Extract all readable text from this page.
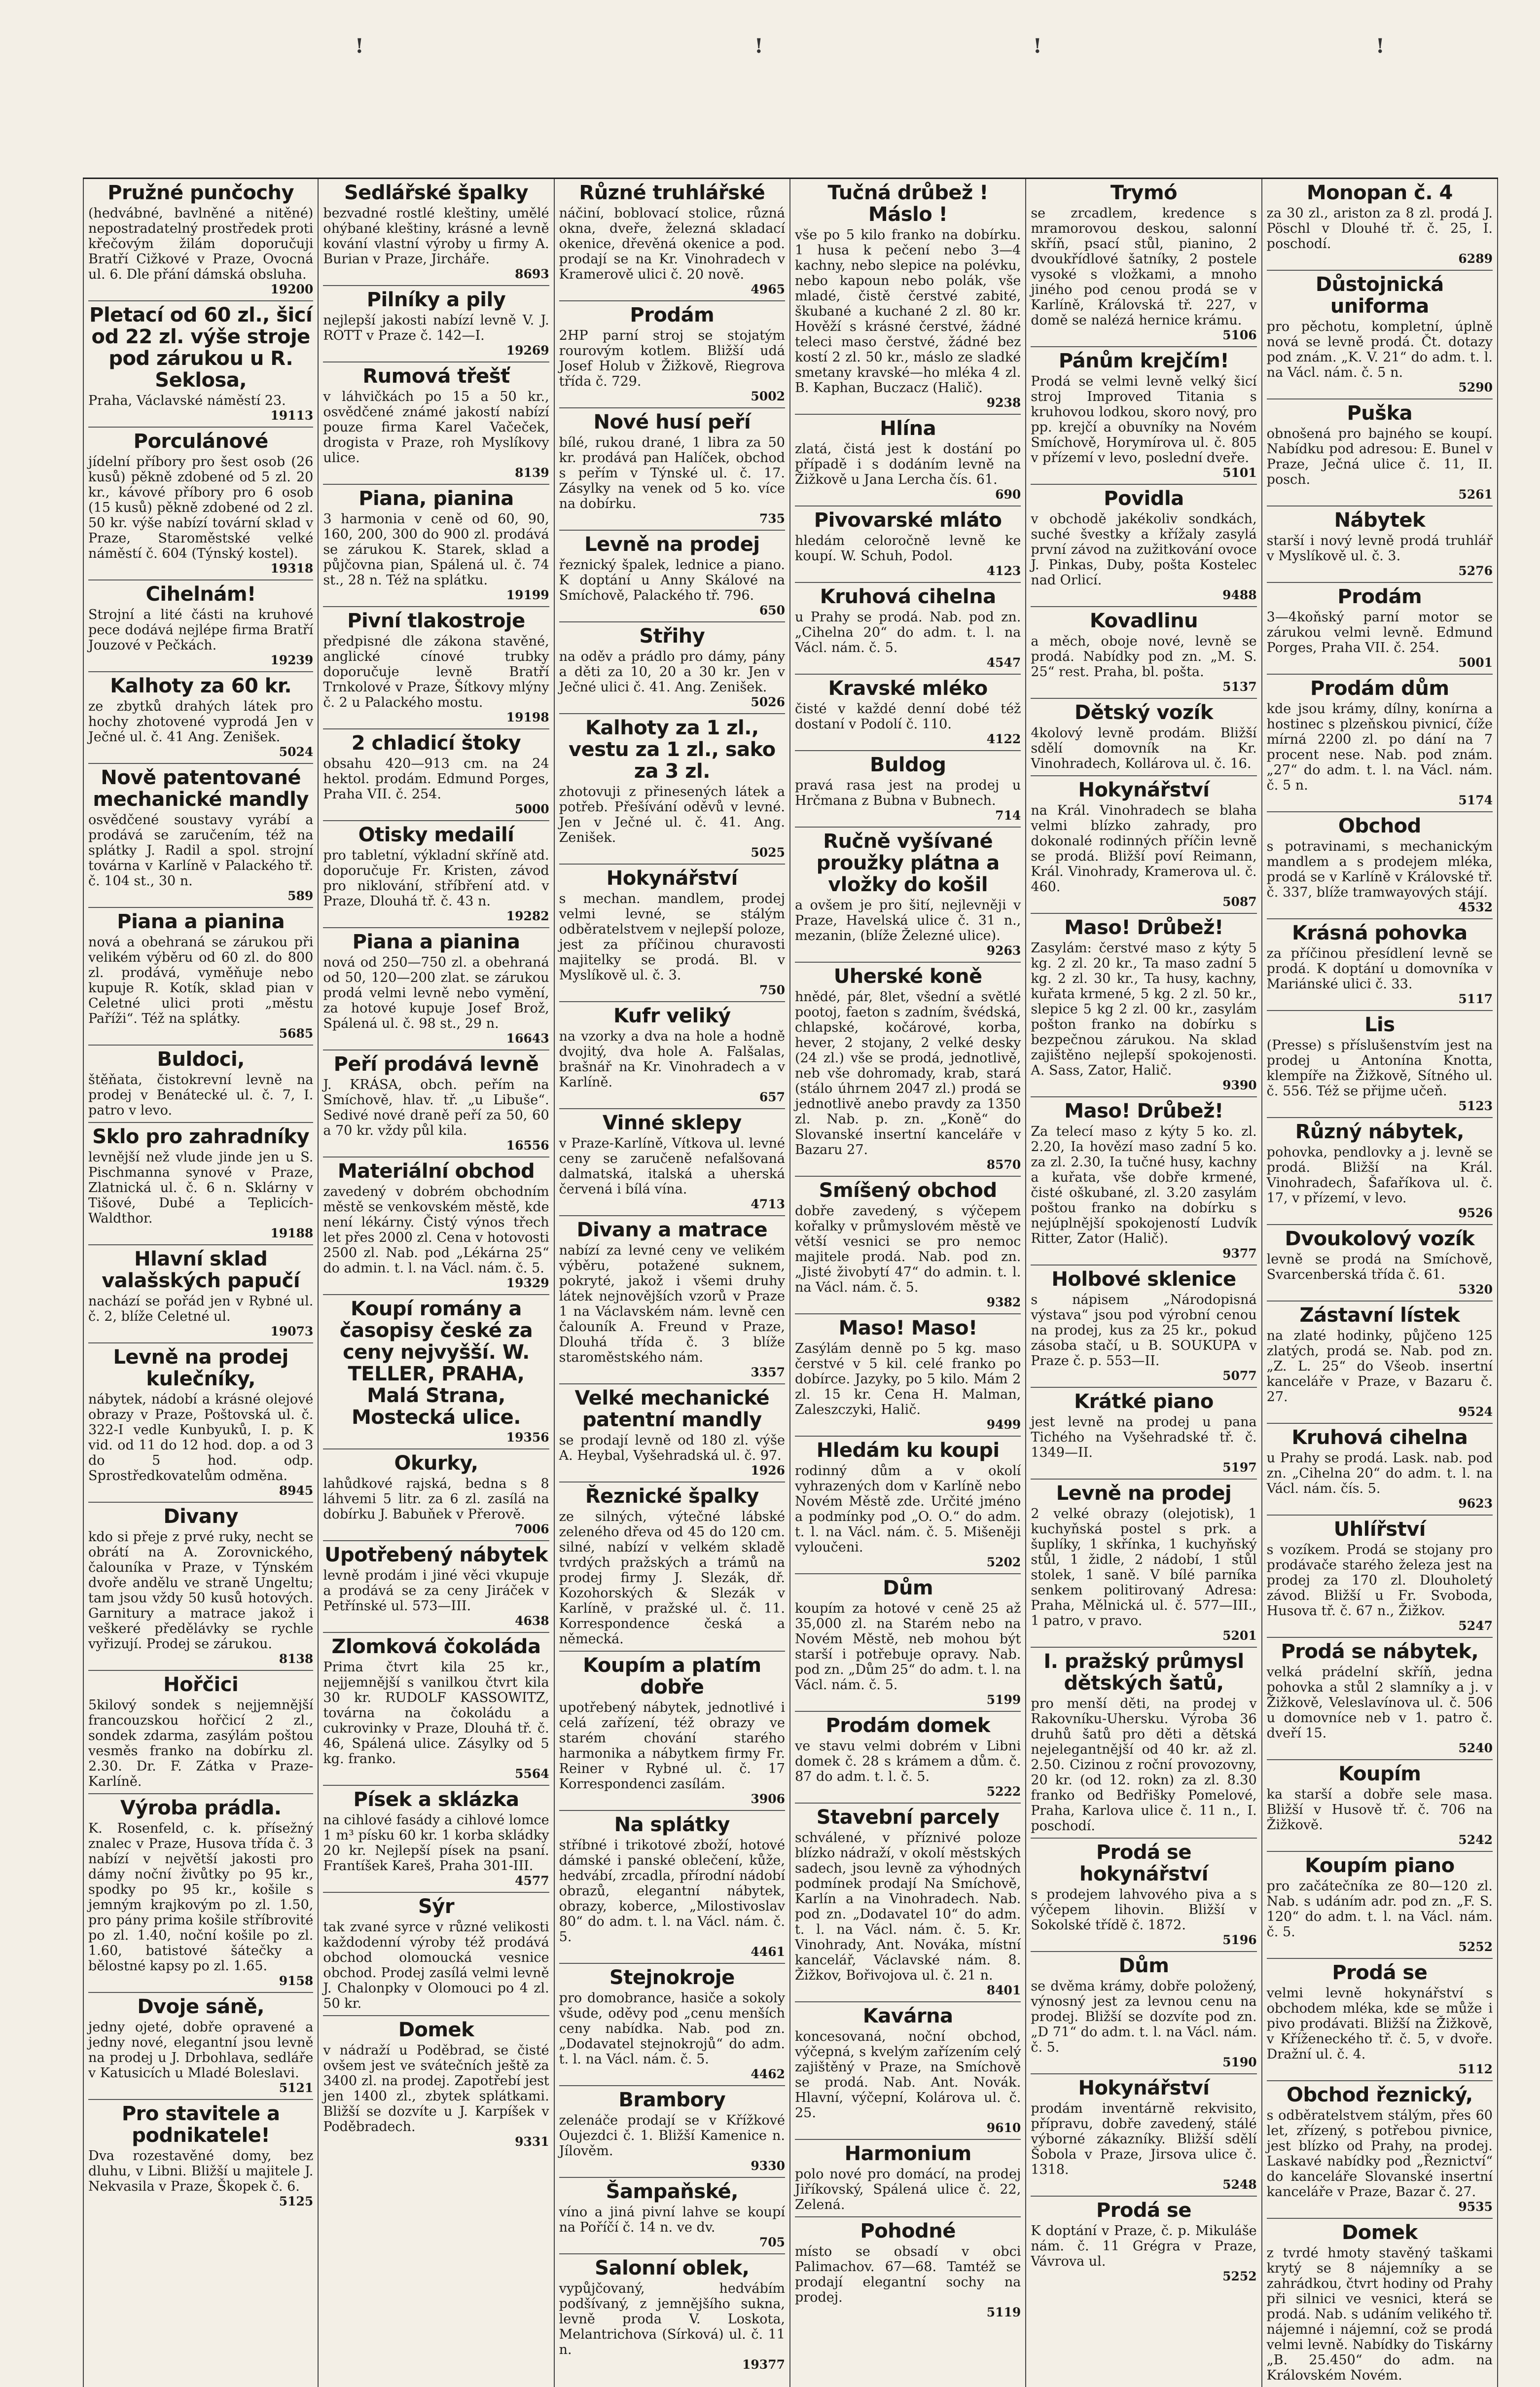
!	!	!	!

Pružné punčochy

(hedvábné, bavlněné a nitěné) nepostradatelný prostředek proti křečovým žilám doporučuji Bratří Cižkové v Praze, Ovocná ul. 6. Dle přání dámská obsluha.

19200

Pletací od 60 zl., šicí od 22 zl. výše stroje pod zárukou u R. Seklosa,

Praha, Václavské náměstí 23.

19113

Porculánové

jídelní příbory pro šest osob (26 kusů) pěkně zdobené od 5 zl. 20 kr., kávové příbory pro 6 osob (15 kusů) pěkně zdobené od 2 zl. 50 kr. výše nabízí tovární sklad v Praze, Staroměstské velké náměstí č. 604 (Týnský kostel).

19318

Cihelnám!

Strojní a lité části na kruhové pece dodává nejlépe firma Bratří Jouzové v Pečkách.

19239

Kalhoty za 60 kr.

ze zbytků drahých látek pro hochy zhotovené vyprodá Jen v Ječné ul. č. 41 Ang. Zenišek.

5024

Nově patentované mechanické mandly

osvědčené soustavy vyrábí a prodává se zaručením, též na splátky J. Radil a spol. strojní továrna v Karlíně v Palackého tř. č. 104 st., 30 n.

589

Piana a pianina

nová a obehraná se zárukou při velikém výběru od 60 zl. do 800 zl. prodává, vyměňuje nebo kupuje R. Kotík, sklad pian v Celetné ulici proti „městu Paříži“. Též na splátky.

5685

Buldoci,

štěňata, čistokrevní levně na prodej v Benátecké ul. č. 7, I. patro v levo.

Sklo pro zahradníky

levnější než vlude jinde jen u S. Pischmanna synové v Praze, Zlatnická ul. č. 6 n. Sklárny v Tišové, Dubé a Teplicích-Waldthor.

19188

Hlavní sklad valašských papučí

nachází se pořád jen v Rybné ul. č. 2, blíže Celetné ul.

19073

Levně na prodej kulečníky,

nábytek, nádobí a krásné olejové obrazy v Praze, Poštovská ul. č. 322-I vedle Kunbyuků, I. p. K vid. od 11 do 12 hod. dop. a od 3 do 5 hod. odp. Sprostředkovatelům odměna.

8945

Divany

kdo si přeje z prvé ruky, necht se obrátí na A. Zorovnického, čalouníka v Praze, v Týnském dvoře andělu ve straně Ungeltu; tam jsou vždy 50 kusů hotových. Garnitury a matrace jakož i veškeré předělávky se rychle vyřizují. Prodej se zárukou.

8138

Hořčici

5kilový sondek s nejjemnější francouzskou hořčicí 2 zl., sondek zdarma, zasýlám poštou vesměs franko na dobírku zl. 2.30. Dr. F. Zátka v Praze-Karlíně.

Výroba prádla.

K. Rosenfeld, c. k. přísežný znalec v Praze, Husova třída č. 3 nabízí v největší jakosti pro dámy noční živůtky po 95 kr., spodky po 95 kr., košile s jemným krajkovým po zl. 1.50, pro pány prima košile stříbrovité po zl. 1.40, noční košile po zl. 1.60, batistové šátečky a bělostné kapsy po zl. 1.65.

9158

Dvoje sáně,

jedny ojeté, dobře opravené a jedny nové, elegantní jsou levně na prodej u J. Drbohlava, sedláře v Katusicích u Mladé Boleslavi.

5121

Pro stavitele a podnikatele!

Dva rozestavěné domy, bez dluhu, v Libni. Bližší u majitele J. Nekvasila v Praze, Škopek č. 6.

5125

Sedlářské špalky

bezvadné rostlé kleštiny, umělé ohýbané kleštiny, krásné a levně kování vlastní výroby u firmy A. Burian v Praze, Jircháře.

8693

Pilníky a pily

nejlepší jakosti nabízí levně V. J. ROTT v Praze č. 142—I.

19269

Rumová třešť

v láhvičkách po 15 a 50 kr., osvědčené známé jakostí nabízí pouze firma Karel Vačeček, drogista v Praze, roh Myslíkovy ulice.

8139

Piana, pianina

3 harmonia v ceně od 60, 90, 160, 200, 300 do 900 zl. prodává se zárukou K. Starek, sklad a půjčovna pian, Spálená ul. č. 74 st., 28 n. Též na splátku.

19199

Pivní tlakostroje

předpisné dle zákona stavěné, anglické cínové trubky doporučuje levně Bratří Trnkolové v Praze, Šítkovy mlýny č. 2 u Palackého mostu.

19198

2 chladicí štoky

obsahu 420—913 cm. na 24 hektol. prodám. Edmund Porges, Praha VII. č. 254.

5000

Otisky medailí

pro tabletní, výkladní skříně atd. doporučuje Fr. Kristen, závod pro niklování, stříbření atd. v Praze, Dlouhá tř. č. 43 n.

19282

Piana a pianina

nová od 250—750 zl. a obehraná od 50, 120—200 zlat. se zárukou prodá velmi levně nebo vymění, za hotové kupuje Josef Brož, Spálená ul. č. 98 st., 29 n.

16643

Peří prodává levně

J. KRÁSA, obch. peřím na Smíchově, hlav. tř. „u Libuše“. Sedivé nové draně peří za 50, 60 a 70 kr. vždy půl kila.

16556

Materiální obchod

zavedený v dobrém obchodním městě se venkovském městě, kde není lékárny. Čistý výnos třech let přes 2000 zl. Cena v hotovosti 2500 zl. Nab. pod „Lékárna 25“ do admin. t. l. na Václ. nám. č. 5.

19329

Koupí romány a časopisy české za ceny nejvyšší. W. TELLER, PRAHA, Malá Strana, Mostecká ulice.

19356

Okurky,

lahůdkové rajská, bedna s 8 láhvemi 5 litr. za 6 zl. zasílá na dobírku J. Babuňek v Přerově.

7006

Upotřebený nábytek

levně prodám i jiné věci vkupuje a prodává se za ceny Jiráček v Petřínské ul. 573—III.

4638

Zlomková čokoláda

Prima čtvrt kila 25 kr., nejjemnější s vanilkou čtvrt kila 30 kr. RUDOLF KASSOWITZ, továrna na čokoládu a cukrovinky v Praze, Dlouhá tř. č. 46, Spálená ulice. Zásylky od 5 kg. franko.

5564

Písek a sklázka

na cihlové fasády a cihlové lomce 1 m³ písku 60 kr. 1 korba skládky 20 kr. Nejlepší písek na psaní. Frantíšek Kareš, Praha 301-III.

4577

Sýr

tak zvané syrce v různé velikosti každodenní výroby též prodává obchod olomoucká vesnice obchod. Prodej zasílá velmi levně J. Chalonpky v Olomouci po 4 zl. 50 kr.

Domek

v nádraží u Poděbrad, se čisté ovšem jest ve svátečních ještě za 3400 zl. na prodej. Zapotřebí jest jen 1400 zl., zbytek splátkami. Bližší se dozvíte u J. Karpíšek v Poděbradech.

9331

Různé truhlářské

náčiní, boblovací stolice, různá okna, dveře, železná skladací okenice, dřevěná okenice a pod. prodají se na Kr. Vinohradech v Kramerově ulici č. 20 nově.

4965

Prodám

2HP parní stroj se stojatým rourovým kotlem. Bližší udá Josef Holub v Žižkově, Riegrova třída č. 729.

5002

Nové husí peří

bílé, rukou drané, 1 libra za 50 kr. prodává pan Halíček, obchod s peřím v Týnské ul. č. 17. Zásylky na venek od 5 ko. více na dobírku.

735

Levně na prodej

řeznický špalek, lednice a piano. K doptání u Anny Skálové na Smíchově, Palackého tř. 796.

650

Střihy

na oděv a prádlo pro dámy, pány a děti za 10, 20 a 30 kr. Jen v Ječné ulici č. 41. Ang. Zenišek.

5026

Kalhoty za 1 zl., vestu za 1 zl., sako za 3 zl.

zhotovuji z přinesených látek a potřeb. Přešívání oděvů v levné. Jen v Ječné ul. č. 41. Ang. Zenišek.

5025

Hokynářství

s mechan. mandlem, prodej velmi levné, se stálým odběratelstvem v nejlepší poloze, jest za příčinou churavosti majitelky se prodá. Bl. v Myslíkově ul. č. 3.

750

Kufr veliký

na vzorky a dva na hole a hodně dvojitý, dva hole A. Falšalas, brašnář na Kr. Vinohradech a v Karlíně.

657

Vinné sklepy

v Praze-Karlíně, Vítkova ul. levné ceny se zaručeně nefalšovaná dalmatská, italská a uherská červená i bílá vína.

4713

Divany a matrace

nabízí za levné ceny ve velikém výběru, potažené suknem, pokryté, jakož i všemi druhy látek nejnovějších vzorů v Praze 1 na Václavském nám. levně cen čalouník A. Freund v Praze, Dlouhá třída č. 3 blíže staroměstského nám.

3357

Velké mechanické patentní mandly

se prodají levně od 180 zl. výše A. Heybal, Vyšehradská ul. č. 97.

1926

Řeznické špalky

ze silných, výtečné lábské zeleného dřeva od 45 do 120 cm. silné, nabízí v velkém skladě tvrdých pražských a trámů na prodej firmy J. Slezák, dř. Kozohorských & Slezák v Karlíně, v pražské ul. č. 11. Korrespondence česká a německá.

Koupím a platím dobře

upotřebený nábytek, jednotlivé i celá zařízení, též obrazy ve starém chování starého harmonika a nábytkem firmy Fr. Reiner v Rybné ul. č. 17 Korrespondenci zasílám.

3906

Na splátky

stříbné i trikotové zboží, hotové dámské i panské oblečení, kůže, hedvábí, zrcadla, přírodní nádobí obrazů, elegantní nábytek, obrazy, koberce, „Milostivoslav 80“ do adm. t. l. na Václ. nám. č. 5.

4461

Stejnokroje

pro domobrance, hasiče a sokoly všude, oděvy pod „cenu menších ceny nabídka. Nab. pod zn. „Dodavatel stejnokrojů“ do adm. t. l. na Václ. nám. č. 5.

4462

Brambory

zelenáče prodají se v Křížkové Oujezdci č. 1. Bližší Kamenice n. Jílověm.

9330

Šampaňské,

víno a jiná pivní lahve se koupí na Poříčí č. 14 n. ve dv.

705

Salonní oblek,

vypůjčovaný, hedvábím podšívaný, z jemnějšího sukna, levně proda V. Loskota, Melantrichova (Sírková) ul. č. 11 n.

19377

Tučná drůbež ! Máslo !

vše po 5 kilo franko na dobírku. 1 husa k pečení nebo 3—4 kachny, nebo slepice na polévku, nebo kapoun nebo polák, vše mladé, čistě čerstvé zabité, škubané a kuchané 2 zl. 80 kr. Hověží s krásné čerstvé, žádné teleci maso čerstvé, žádné bez kostí 2 zl. 50 kr., máslo ze sladké smetany kravské—ho mléka 4 zl. B. Kaphan, Buczacz (Halič).

9238

Hlína

zlatá, čistá jest k dostání po případě i s dodáním levně na Žižkově u Jana Lercha čís. 61.

690

Pivovarské mláto

hledám celoročně levně ke koupí. W. Schuh, Podol.

4123

Kruhová cihelna

u Prahy se prodá. Nab. pod zn. „Cihelna 20“ do adm. t. l. na Václ. nám. č. 5.

4547

Kravské mléko

čisté v každé denní dobé též dostaní v Podolí č. 110.

4122

Buldog

pravá rasa jest na prodej u Hrčmana z Bubna v Bubnech.

714

Ručně vyšívané proužky plátna a vložky do košil

a ovšem je pro šití, nejlevněji v Praze, Havelská ulice č. 31 n., mezanin, (blíže Železné ulice).

9263

Uherské koně

hnědé, pár, 8let, všední a světlé pootoj, faeton s zadním, švédská, chlapské, kočárové, korba, hever, 2 stojany, 2 velké desky (24 zl.) vše se prodá, jednotlivě, neb vše dohromady, krab, stará (stálo úhrnem 2047 zl.) prodá se jednotlivě anebo pravdy za 1350 zl. Nab. p. zn. „Koně“ do Slovanské insertní kanceláře v Bazaru 27.

8570

Smíšený obchod

dobře zavedený, s výčepem kořalky v průmyslovém městě ve větší vesnici se pro nemoc majitele prodá. Nab. pod zn. „Jisté živobytí 47“ do admin. t. l. na Václ. nám. č. 5.

9382

Maso! Maso!

Zasýlám denně po 5 kg. maso čerstvé v 5 kil. celé franko po dobírce. Jazyky, po 5 kilo. Mám 2 zl. 15 kr. Cena H. Malman, Zaleszczyki, Halič.

9499

Hledám ku koupi

rodinný dům a v okolí vyhrazených dom v Karlíně nebo Novém Městě zde. Určité jméno a podmínky pod „O. O.“ do adm. t. l. na Václ. nám. č. 5. Mišeněji vyloučeni.

5202

Dům

koupím za hotové v ceně 25 až 35,000 zl. na Starém nebo na Novém Městě, neb mohou být starší i potřebuje opravy. Nab. pod zn. „Dům 25“ do adm. t. l. na Václ. nám. č. 5.

5199

Prodám domek

ve stavu velmi dobrém v Libni domek č. 28 s krámem a dům. č. 87 do adm. t. l. č. 5.

5222

Stavební parcely

schválené, v příznivé poloze blízko nádraží, v okolí městských sadech, jsou levně za výhodných podmínek prodají Na Smíchově, Karlín a na Vinohradech. Nab. pod zn. „Dodavatel 10“ do adm. t. l. na Václ. nám. č. 5. Kr. Vinohrady, Ant. Nováka, místní kancelář, Václavské nám. 8. Žižkov, Bořivojova ul. č. 21 n.

8401

Kavárna

koncesovaná, noční obchod, výčepná, s kvelým zařízením celý zajištěný v Praze, na Smíchově se prodá. Nab. Ant. Novák. Hlavní, výčepní, Kolárova ul. č. 25.

9610

Harmonium

polo nové pro domácí, na prodej Jiříkovský, Spálená ulice č. 22, Zelená.

Pohodné

místo se obsadí v obci Palimachov. 67—68. Tamtéž se prodají elegantní sochy na prodej.

5119

Trymó

se zrcadlem, kredence s mramorovou deskou, salonní skříň, psací stůl, pianino, 2 dvoukřídlové šatníky, 2 postele vysoké s vložkami, a mnoho jiného pod cenou prodá se v Karlíně, Královská tř. 227, v domě se nalézá hernice krámu.

5106

Pánům krejčím!

Prodá se velmi levně velký šicí stroj Improved Titania s kruhovou lodkou, skoro nový, pro pp. krejčí a obuvníky na Novém Smíchově, Horymírova ul. č. 805 v přízemí v levo, poslední dveře.

5101

Povidla

v obchodě jakékoliv sondkách, suché švestky a křížaly zasylá první závod na zužitkování ovoce J. Pinkas, Duby, pošta Kostelec nad Orlicí.

9488

Kovadlinu

a měch, oboje nové, levně se prodá. Nabídky pod zn. „M. S. 25“ rest. Praha, bl. pošta.

5137

Dětský vozík

4kolový levně prodám. Bližší sdělí domovník na Kr. Vinohradech, Kollárova ul. č. 16.

Hokynářství

na Král. Vinohradech se blaha velmi blízko zahrady, pro dokonalé rodinných příčin levně se prodá. Bližší poví Reimann, Král. Vinohrady, Kramerova ul. č. 460.

5087

Maso! Drůbež!

Zasylám: čerstvé maso z kýty 5 kg. 2 zl. 20 kr., Ta maso zadní 5 kg. 2 zl. 30 kr., Ta husy, kachny, kuřata krmené, 5 kg. 2 zl. 50 kr., slepice 5 kg 2 zl. 00 kr., zasylám pošton franko na dobírku s bezpečnou zárukou. Na sklad zajištěno nejlepší spokojenosti. A. Sass, Zator, Halič.

9390

Maso! Drůbež!

Za telecí maso z kýty 5 ko. zl. 2.20, Ia hovězí maso zadní 5 ko. za zl. 2.30, Ia tučné husy, kachny a kuřata, vše dobře krmené, čisté oškubané, zl. 3.20 zasylám poštou franko na dobírku s nejúplnější spokojeností Ludvík Ritter, Zator (Halič).

9377

Holbové sklenice

s nápisem „Národopisná výstava“ jsou pod výrobní cenou na prodej, kus za 25 kr., pokud zásoba stačí, u B. SOUKUPA v Praze č. p. 553—II.

5077

Krátké piano

jest levně na prodej u pana Tichého na Vyšehradské tř. č. 1349—II.

5197

Levně na prodej

2 velké obrazy (olejotisk), 1 kuchyňská postel s prk. a šuplíky, 1 skřínka, 1 kuchyňský stůl, 1 židle, 2 nádobí, 1 stůl stolek, 1 saně. V bílé parníka senkem politirovaný Adresa: Praha, Mělnická ul. č. 577—III., 1 patro, v pravo.

5201

I. pražský průmysl dětských šatů,

pro menší děti, na prodej v Rakovníku-Uhersku. Výroba 36 druhů šatů pro děti a dětská nejelegantnější od 40 kr. až zl. 2.50. Cizinou z roční provozovny, 20 kr. (od 12. rokn) za zl. 8.30 franko od Bedřišky Pomelové, Praha, Karlova ulice č. 11 n., I. poschodí.

Prodá se hokynářství

s prodejem lahvového piva a s výčepem lihovin. Bližší v Sokolské třídě č. 1872.

5196

Dům

se dvěma krámy, dobře položený, výnosný jest za levnou cenu na prodej. Bližší se dozvíte pod zn. „D 71“ do adm. t. l. na Václ. nám. č. 5.

5190

Hokynářství

prodám inventárně rekvisito, přípravu, dobře zavedený, stálé výborné zákazníky. Bližší sdělí Šobola v Praze, Jirsova ulice č. 1318.

5248

Prodá se

K doptání v Praze, č. p. Mikuláše nám. č. 11 Grégra v Praze, Vávrova ul.

5252

Monopan č. 4

za 30 zl., ariston za 8 zl. prodá J. Pöschl v Dlouhé tř. č. 25, I. poschodí.

6289

Důstojnická uniforma

pro pěchotu, kompletní, úplně nová se levně prodá. Čt. dotazy pod znám. „K. V. 21“ do adm. t. l. na Václ. nám. č. 5 n.

5290

Puška

obnošená pro bajného se koupí. Nabídku pod adresou: E. Bunel v Praze, Ječná ulice č. 11, II. posch.

5261

Nábytek

starší i nový levně prodá truhlář v Myslíkově ul. č. 3.

5276

Prodám

3—4koňský parní motor se zárukou velmi levně. Edmund Porges, Praha VII. č. 254.

5001

Prodám dům

kde jsou krámy, dílny, konírna a hostinec s plzeňskou pivnicí, číže mírná 2200 zl. po dání na 7 procent nese. Nab. pod znám. „27“ do adm. t. l. na Václ. nám. č. 5 n.

5174

Obchod

s potravinami, s mechanickým mandlem a s prodejem mléka, prodá se v Karlíně v Královské tř. č. 337, blíže tramwayových stájí.

4532

Krásná pohovka

za příčinou přesídlení levně se prodá. K doptání u domovníka v Mariánské ulici č. 33.

5117

Lis

(Presse) s příslušenstvím jest na prodej u Antonína Knotta, klempíře na Žižkově, Sítného ul. č. 556. Též se přijme učeň.

5123

Různý nábytek,

pohovka, pendlovky a j. levně se prodá. Bližší na Král. Vinohradech, Šafaříkova ul. č. 17, v přízemí, v levo.

9526

Dvoukolový vozík

levně se prodá na Smíchově, Svarcenberská třída č. 61.

5320

Zástavní lístek

na zlaté hodinky, půjčeno 125 zlatých, prodá se. Nab. pod zn. „Z. L. 25“ do Všeob. insertní kanceláře v Praze, v Bazaru č. 27.

9524

Kruhová cihelna

u Prahy se prodá. Lask. nab. pod zn. „Cihelna 20“ do adm. t. l. na Václ. nám. čís. 5.

9623

Uhlířství

s vozíkem. Prodá se stojany pro prodávače starého železa jest na prodej za 170 zl. Dlouholetý závod. Bližší u Fr. Svoboda, Husova tř. č. 67 n., Žižkov.

5247

Prodá se nábytek,

velká prádelní skříň, jedna pohovka a stůl 2 slamníky a j. v Žižkově, Veleslavínova ul. č. 506 u domovníce neb v 1. patro č. dveří 15.

5240

Koupím

ka starší a dobře sele masa. Bližší v Husově tř. č. 706 na Žižkově.

5242

Koupím piano

pro začátečníka ze 80—120 zl. Nab. s udáním adr. pod zn. „F. S. 120“ do adm. t. l. na Václ. nám. č. 5.

5252

Prodá se

velmi levně hokynářství s obchodem mléka, kde se může i pivo prodávati. Bližší na Žižkově, v Kříženeckého tř. č. 5, v dvoře. Dražní ul. č. 4.

5112

Obchod řeznický,

s odběratelstvem stálým, přes 60 let, zřízený, s potřebou pivnice, jest blízko od Prahy, na prodej. Laskavé nabídky pod „Řeznictví“ do kanceláře Slovanské insertní kanceláře v Praze, Bazar č. 27.

9535

Domek

z tvrdé hmoty stavěný taškami krytý se 8 nájemníky a se zahrádkou, čtvrt hodiny od Prahy při silnici ve vesnici, která se prodá. Nab. s udáním velikého tř. nájemné i nájemní, což se prodá velmi levně. Nabídky do Tiskárny „B. 25.450“ do adm. na Královském Novém.
